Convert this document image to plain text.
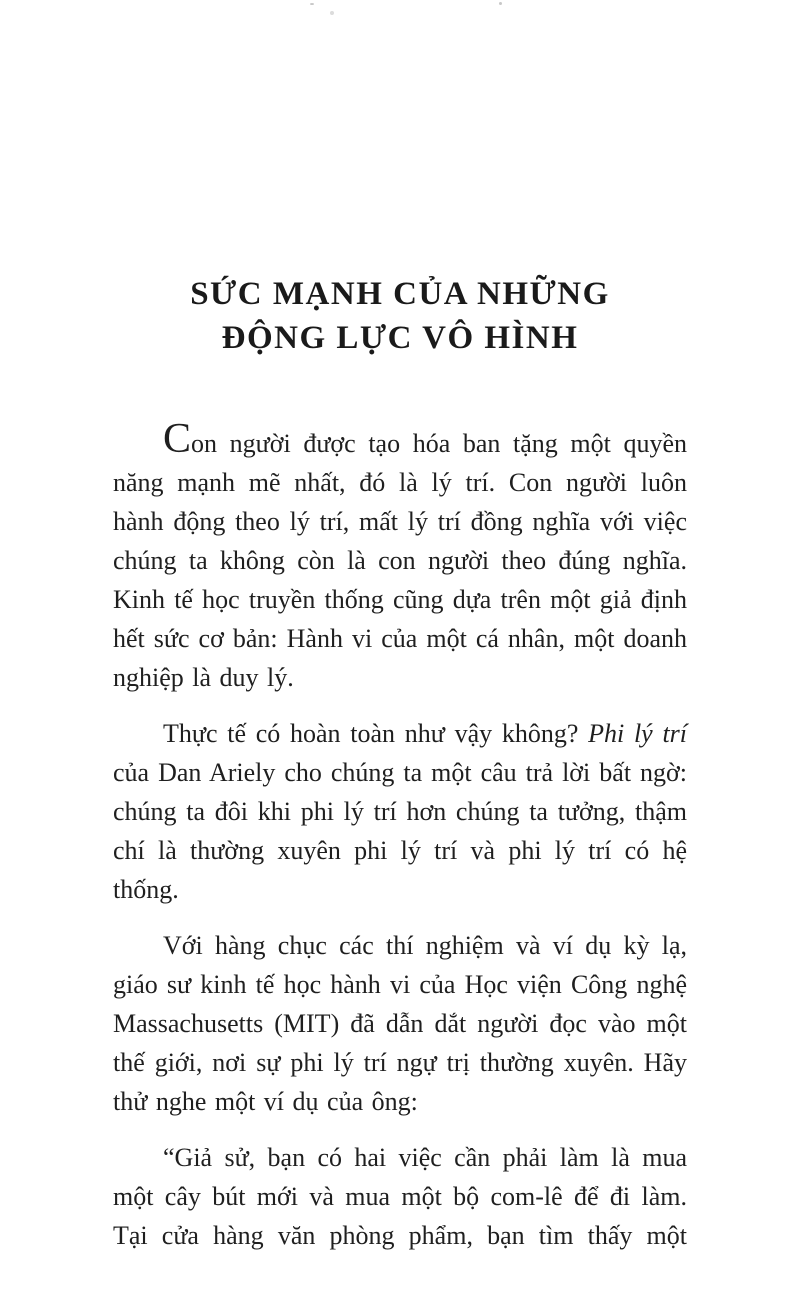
SỨC MẠNH CỦA NHỮNG
ĐỘNG LỰC VÔ HÌNH

Con người được tạo hóa ban tặng một quyền năng mạnh mẽ nhất, đó là lý trí. Con người luôn hành động theo lý trí, mất lý trí đồng nghĩa với việc chúng ta không còn là con người theo đúng nghĩa. Kinh tế học truyền thống cũng dựa trên một giả định hết sức cơ bản: Hành vi của một cá nhân, một doanh nghiệp là duy lý.

Thực tế có hoàn toàn như vậy không? Phi lý trí của Dan Ariely cho chúng ta một câu trả lời bất ngờ: chúng ta đôi khi phi lý trí hơn chúng ta tưởng, thậm chí là thường xuyên phi lý trí và phi lý trí có hệ thống.

Với hàng chục các thí nghiệm và ví dụ kỳ lạ, giáo sư kinh tế học hành vi của Học viện Công nghệ Massachusetts (MIT) đã dẫn dắt người đọc vào một thế giới, nơi sự phi lý trí ngự trị thường xuyên. Hãy thử nghe một ví dụ của ông:

“Giả sử, bạn có hai việc cần phải làm là mua một cây bút mới và mua một bộ com-lê để đi làm. Tại cửa hàng văn phòng phẩm, bạn tìm thấy một
